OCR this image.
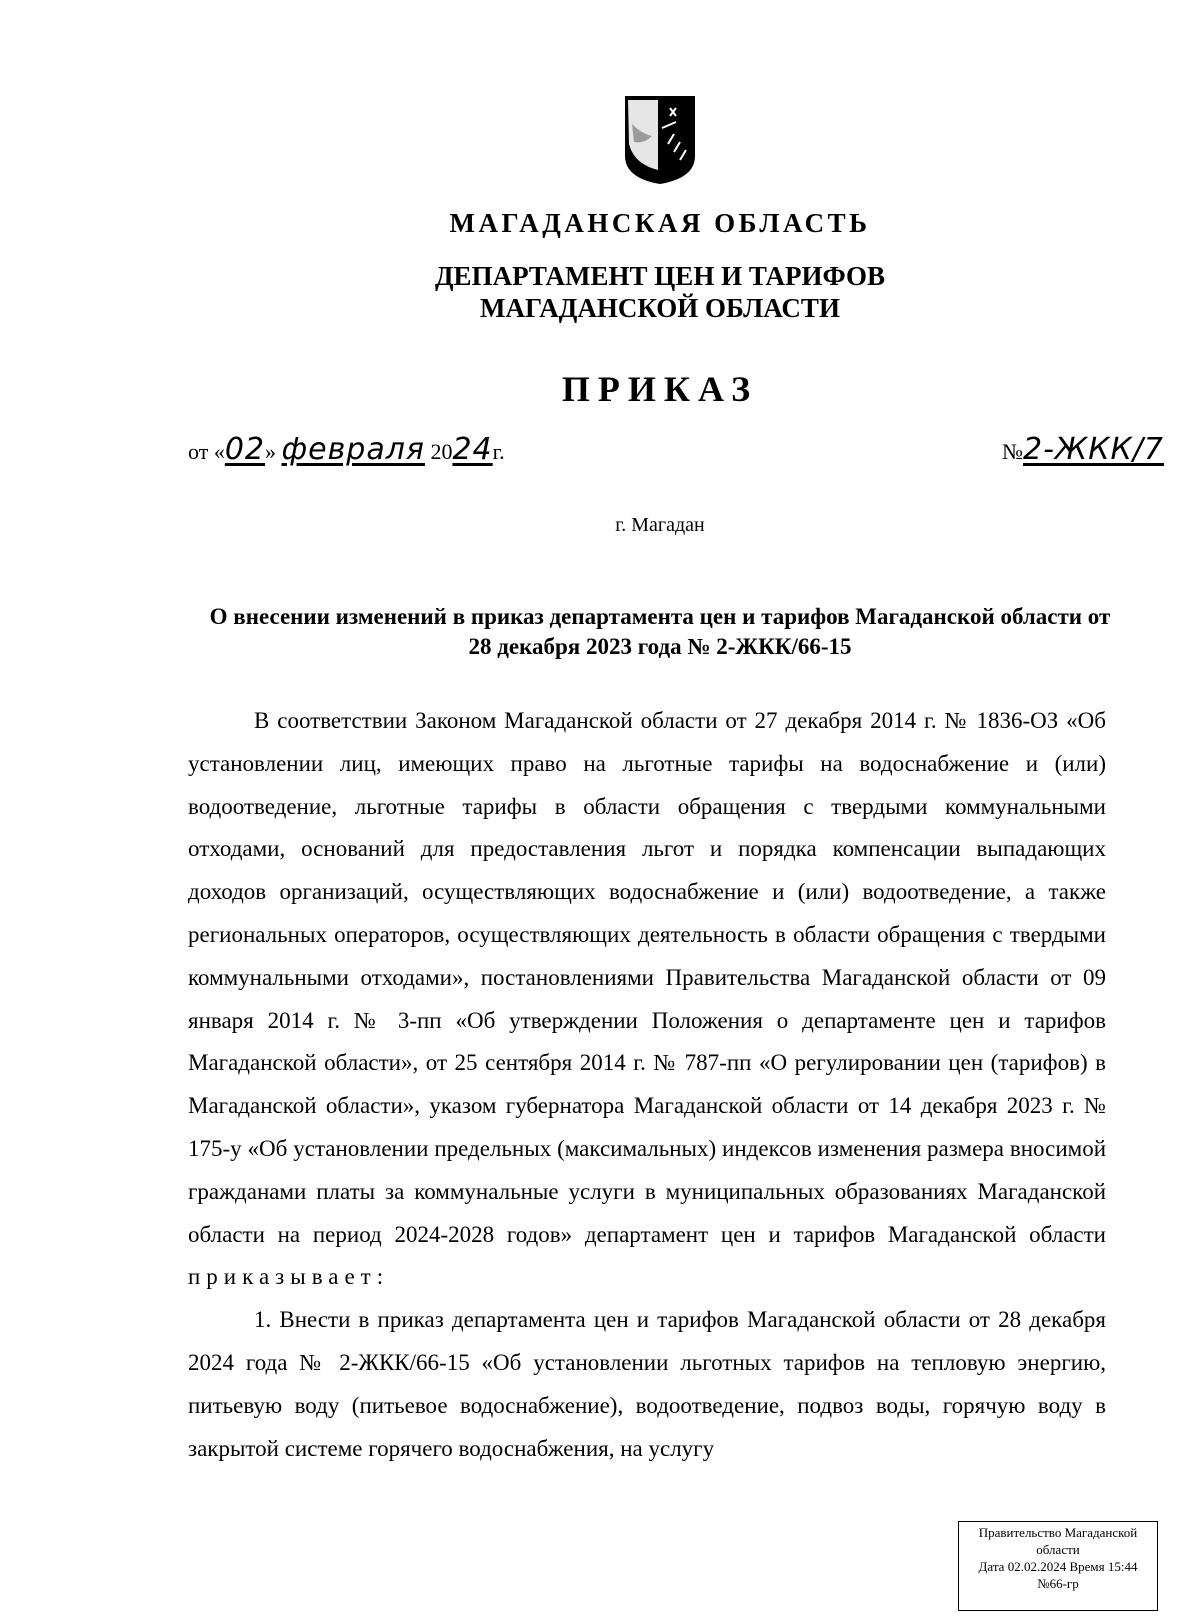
МАГАДАНСКАЯ ОБЛАСТЬ
ДЕПАРТАМЕНТ ЦЕН И ТАРИФОВ
МАГАДАНСКОЙ ОБЛАСТИ
ПРИКАЗ
от «02» февраля 2024г.	№2-ЖКК/7
г. Магадан
О внесении изменений в приказ департамента цен и тарифов Магаданской области от 28 декабря 2023 года № 2-ЖКК/66-15

В соответствии Законом Магаданской области от 27 декабря 2014 г. № 1836-ОЗ «Об установлении лиц, имеющих право на льготные тарифы на водоснабжение и (или) водоотведение, льготные тарифы в области обращения с твердыми коммунальными отходами, оснований для предоставления льгот и порядка компенсации выпадающих доходов организаций, осуществляющих водоснабжение и (или) водоотведение, а также региональных операторов, осуществляющих деятельность в области обращения с твердыми коммунальными отходами», постановлениями Правительства Магаданской области от 09 января 2014 г. № 3-пп «Об утверждении Положения о департаменте цен и тарифов Магаданской области», от 25 сентября 2014 г. № 787-пп «О регулировании цен (тарифов) в Магаданской области», указом губернатора Магаданской области от 14 декабря 2023 г. № 175-у «Об установлении предельных (максимальных) индексов изменения размера вносимой гражданами платы за коммунальные услуги в муниципальных образованиях Магаданской области на период 2024-2028 годов» департамент цен и тарифов Магаданской области приказывает:

1. Внести в приказ департамента цен и тарифов Магаданской области от 28 декабря 2024 года № 2-ЖКК/66-15 «Об установлении льготных тарифов на тепловую энергию, питьевую воду (питьевое водоснабжение), водоотведение, подвоз воды, горячую воду в закрытой системе горячего водоснабжения, на услугу

Правительство Магаданской
области
Дата 02.02.2024 Время 15:44
№66-гр
